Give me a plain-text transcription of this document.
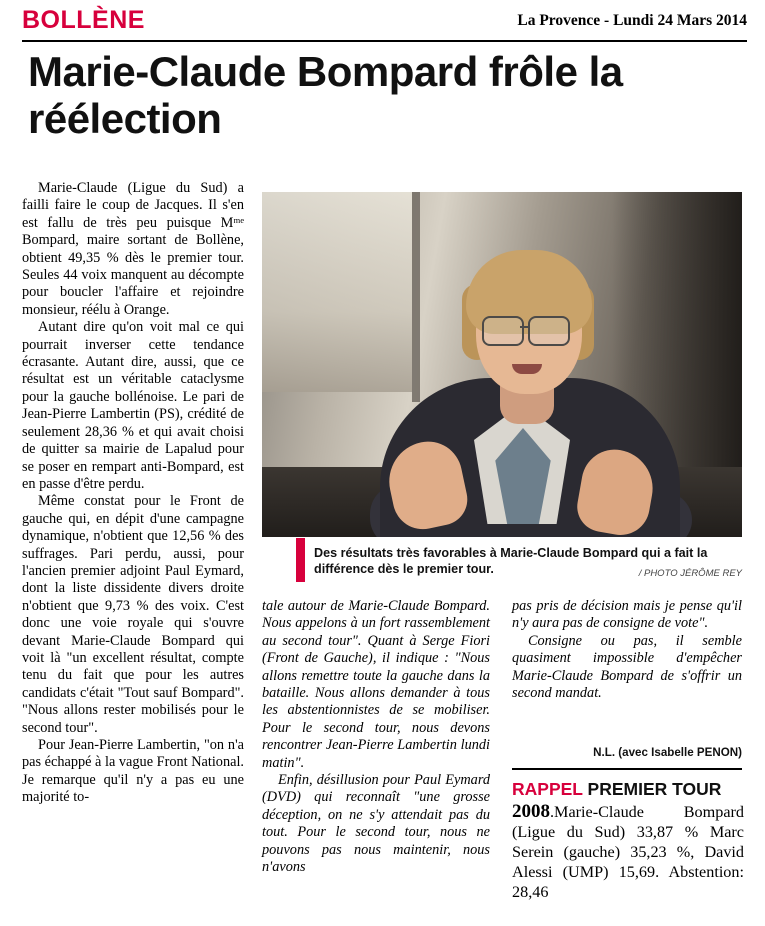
BOLLÈNE	La Provence - Lundi 24 Mars 2014
Marie-Claude Bompard frôle la réélection

Marie-Claude (Ligue du Sud) a failli faire le coup de Jacques. Il s'en est fallu de très peu puisque Mᵐᵉ Bompard, maire sortant de Bollène, obtient 49,35 % dès le premier tour. Seules 44 voix manquent au décompte pour boucler l'affaire et rejoindre monsieur, réélu à Orange.

Autant dire qu'on voit mal ce qui pourrait inverser cette tendance écrasante. Autant dire, aussi, que ce résultat est un véritable cataclysme pour la gauche bollénoise. Le pari de Jean-Pierre Lambertin (PS), crédité de seulement 28,36 % et qui avait choisi de quitter sa mairie de Lapalud pour se poser en rempart anti-Bompard, est en passe d'être perdu.

Même constat pour le Front de gauche qui, en dépit d'une campagne dynamique, n'obtient que 12,56 % des suffrages. Pari perdu, aussi, pour l'ancien premier adjoint Paul Eymard, dont la liste dissidente divers droite n'obtient que 9,73 % des voix. C'est donc une voie royale qui s'ouvre devant Marie-Claude Bompard qui voit là "un excellent résultat, compte tenu du fait que pour les autres candidats c'était "Tout sauf Bompard". "Nous allons rester mobilisés pour le second tour".

Pour Jean-Pierre Lambertin, "on n'a pas échappé à la vague Front National. Je remarque qu'il n'y a pas eu une majorité to-

Des résultats très favorables à Marie-Claude Bompard qui a fait la différence dès le premier tour.	/ PHOTO JÉRÔME REY

tale autour de Marie-Claude Bompard. Nous appelons à un fort rassemblement au second tour". Quant à Serge Fiori (Front de Gauche), il indique : "Nous allons remettre toute la gauche dans la bataille. Nous allons demander à tous les abstentionnistes de se mobiliser. Pour le second tour, nous devons rencontrer Jean-Pierre Lambertin lundi matin".

Enfin, désillusion pour Paul Eymard (DVD) qui reconnaît "une grosse déception, on ne s'y attendait pas du tout. Pour le second tour, nous ne pouvons pas nous maintenir, nous n'avons

pas pris de décision mais je pense qu'il n'y aura pas de consigne de vote".

Consigne ou pas, il semble quasiment impossible d'empêcher Marie-Claude Bompard de s'offrir un second mandat.

N.L. (avec Isabelle PENON)
RAPPEL PREMIER TOUR
2008.Marie-Claude Bompard (Ligue du Sud) 33,87 % Marc Serein (gauche) 35,23 %, David Alessi (UMP) 15,69. Abstention: 28,46
